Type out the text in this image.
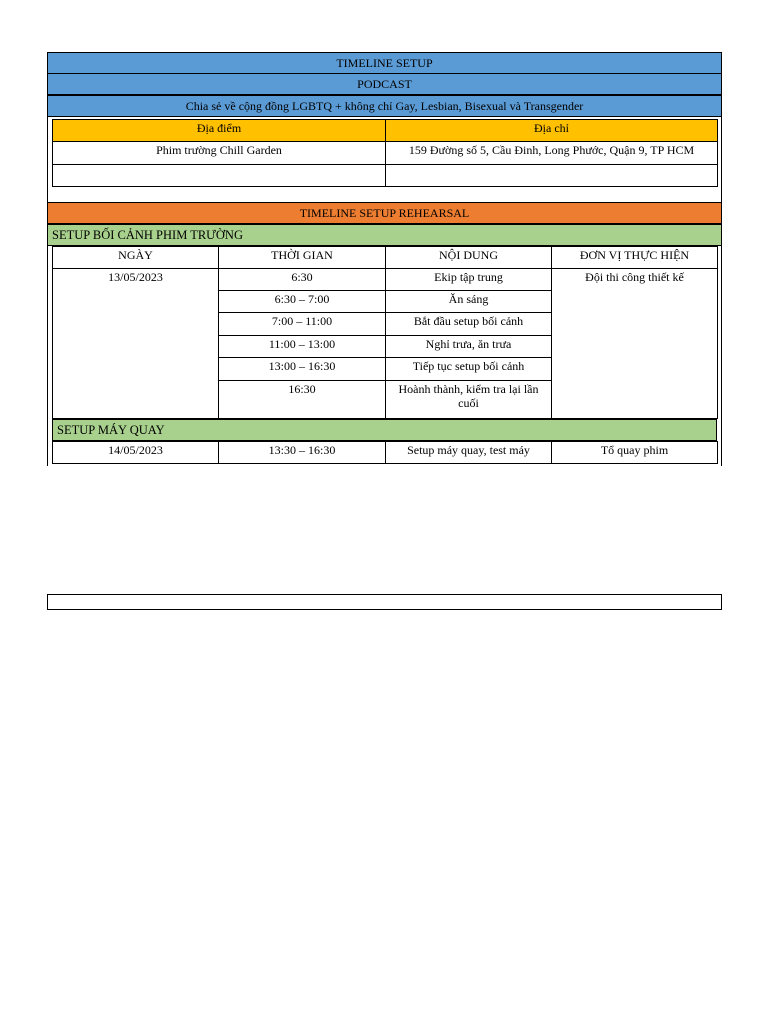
TIMELINE SETUP
PODCAST
Chia sẻ về cộng đồng LGBTQ + không chỉ Gay, Lesbian, Bisexual và Transgender
Địa điểm	Địa chỉ
Phim trường Chill Garden	159 Đường số 5, Cầu Đinh, Long Phước, Quận 9, TP HCM

TIMELINE SETUP REHEARSAL
SETUP BỐI CẢNH PHIM TRƯỜNG
NGÀY	THỜI GIAN	NỘI DUNG	ĐƠN VỊ THỰC HIỆN
13/05/2023	6:30	Ekip tập trung	Đội thi công thiết kế
	6:30 – 7:00	Ăn sáng	
	7:00 – 11:00	Bắt đầu setup bối cảnh	
	11:00 – 13:00	Nghỉ trưa, ăn trưa	
	13:00 – 16:30	Tiếp tục setup bối cảnh	
	16:30	Hoành thành, kiểm tra lại lần cuối	
SETUP MÁY QUAY
14/05/2023	13:30 – 16:30	Setup máy quay, test máy	Tổ quay phim
